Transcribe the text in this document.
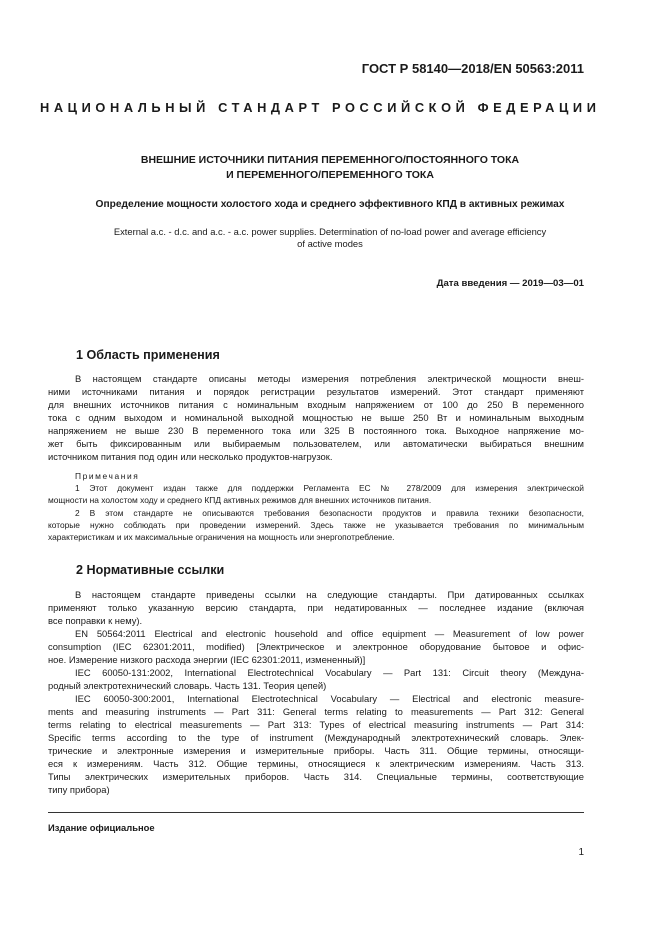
ГОСТ Р 58140—2018/EN 50563:2011
НАЦИОНАЛЬНЫЙ СТАНДАРТ РОССИЙСКОЙ ФЕДЕРАЦИИ
ВНЕШНИЕ ИСТОЧНИКИ ПИТАНИЯ ПЕРЕМЕННОГО/ПОСТОЯННОГО ТОКА
И ПЕРЕМЕННОГО/ПЕРЕМЕННОГО ТОКА
Определение мощности холостого хода и среднего эффективного КПД в активных режимах
External a.c. - d.c. and a.c. - a.c. power supplies. Determination of no-load power and average efficiency
of active modes
Дата введения — 2019—03—01
1 Область применения
В настоящем стандарте описаны методы измерения потребления электрической мощности внеш-
ними источниками питания и порядок регистрации результатов измерений. Этот стандарт применяют
для внешних источников питания с номинальным входным напряжением от 100 до 250 В переменного
тока с одним выходом и номинальной выходной мощностью не выше 250 Вт и номинальным выходным
напряжением не выше 230 В переменного тока или 325 В постоянного тока. Выходное напряжение мо-
жет быть фиксированным или выбираемым пользователем, или автоматически выбираться внешним
источником питания под один или несколько продуктов-нагрузок.
Примечания
1 Этот документ издан также для поддержки Регламента ЕС № 278/2009 для измерения электрической
мощности на холостом ходу и среднего КПД активных режимов для внешних источников питания.
2 В этом стандарте не описываются требования безопасности продуктов и правила техники безопасности,
которые нужно соблюдать при проведении измерений. Здесь также не указывается требования по минимальным
характеристикам и их максимальные ограничения на мощность или энергопотребление.
2 Нормативные ссылки
В настоящем стандарте приведены ссылки на следующие стандарты. При датированных ссылках
применяют только указанную версию стандарта, при недатированных — последнее издание (включая
все поправки к нему).
EN 50564:2011 Electrical and electronic household and office equipment — Measurement of low power
consumption (IEC 62301:2011, modified) [Электрическое и электронное оборудование бытовое и офис-
ное. Измерение низкого расхода энергии (IEC 62301:2011, измененный)]
IEC 60050-131:2002, International Electrotechnical Vocabulary — Part 131: Circuit theory (Междуна-
родный электротехнический словарь. Часть 131. Теория цепей)
IEC 60050-300:2001, International Electrotechnical Vocabulary — Electrical and electronic measure-
ments and measuring instruments — Part 311: General terms relating to measurements — Part 312: General
terms relating to electrical measurements — Part 313: Types of electrical measuring instruments — Part 314:
Specific terms according to the type of instrument (Международный электротехнический словарь. Элек-
трические и электронные измерения и измерительные приборы. Часть 311. Общие термины, относящи-
еся к измерениям. Часть 312. Общие термины, относящиеся к электрическим измерениям. Часть 313.
Типы электрических измерительных приборов. Часть 314. Специальные термины, соответствующие
типу прибора)
Издание официальное
1
